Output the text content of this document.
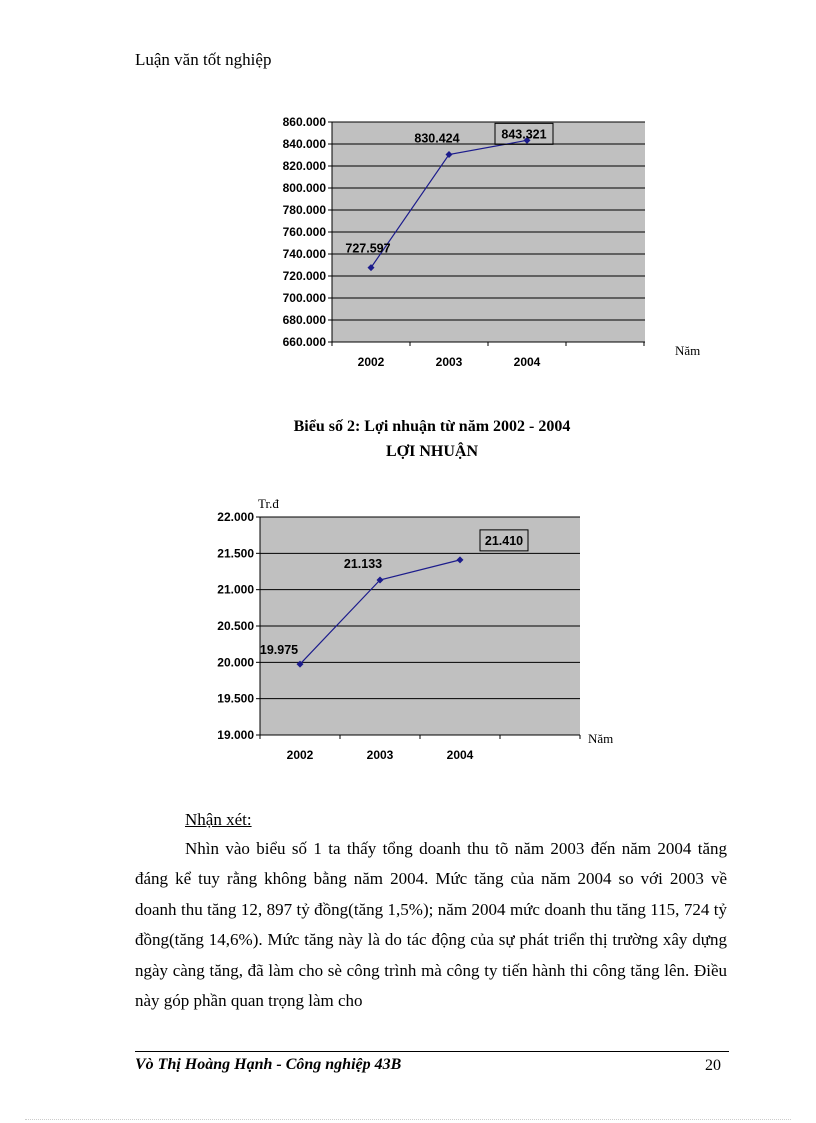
Luận văn tốt nghiệp
660.000
680.000
700.000
720.000
740.000
760.000
780.000
800.000
820.000
840.000
860.000
2002	2003	2004
727.597
830.424	843.321
Năm
Biểu số 2: Lợi nhuận từ năm 2002 - 2004
LỢI NHUẬN
19.000
19.500
20.000
20.500
21.000
21.500
22.000
2002	2003	2004
19.975
21.133
21.410
Năm
Tr.đ
Nhận xét:

Nhìn vào biểu số 1 ta thấy tổng doanh thu tõ năm 2003 đến năm 2004 tăng đáng kể tuy rằng không bằng năm 2004. Mức tăng của năm 2004 so với 2003 về doanh thu tăng 12, 897 tỷ đồng(tăng 1,5%); năm 2004 mức doanh thu tăng 115, 724 tỷ đồng(tăng 14,6%). Mức tăng này là do tác động của sự phát triển thị trường xây dựng ngày càng tăng, đã làm cho sè công trình mà công ty tiến hành thi công tăng lên. Điều này góp phần quan trọng làm cho

Vò Thị Hoàng Hạnh - Công nghiệp 43B	20
